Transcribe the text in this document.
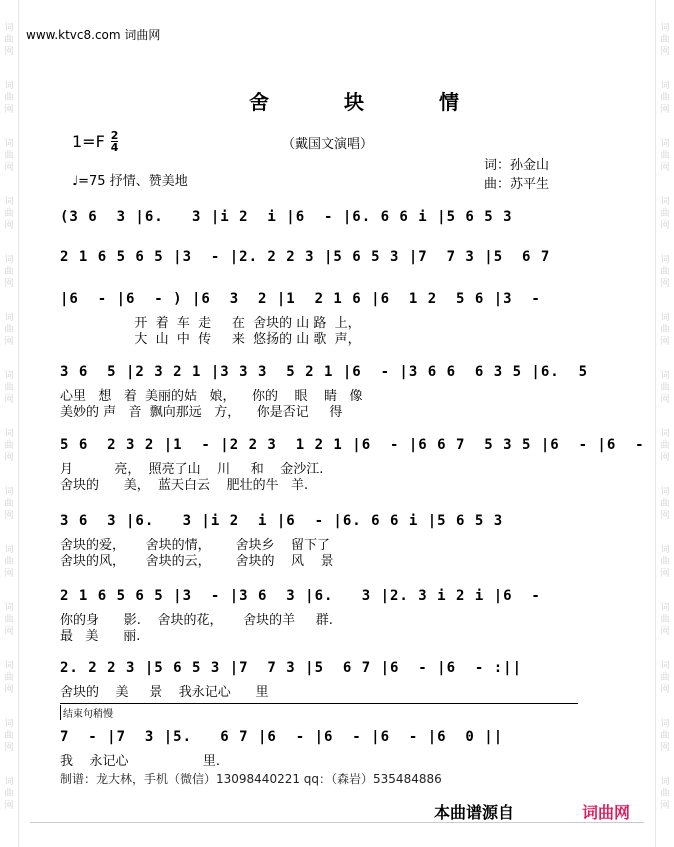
词
曲
网
词
曲
网
词
曲
网
词
曲
网
词
曲
网
词
曲
网
词
曲
网
词
曲
网
词
曲
网
词
曲
网
词
曲
网
词
曲
网
词
曲
网
词
曲
网
词
曲
网
词
曲
网
词
曲
网
词
曲
网
词
曲
网
词
曲
网
词
曲
网
词
曲
网
词
曲
网
词
曲
网
词
曲
网
词
曲
网
词
曲
网
词
曲
网
www.ktvc8.com 词曲网
舍 块 情
$1=F \frac{2}{4}$	（戴国文演唱）
词：孙金山
曲：苏平生
♩=75 抒情、赞美地
(3 6  3 |6.   3 |i 2  i |6  - |6. 6 6 i |5 6 5 3
2 1 6 5 6 5 |3  - |2. 2 2 3 |5 6 5 3 |7  7 3 |5  6 7
|6  - |6  - ) |6  3  2 |1  2 1 6 |6  1 2  5 6 |3  -
开  着  车  走     在  舍块的 山 路  上，
大  山  中  传     来  悠扬的 山 歌  声，
3 6  5 |2 3 2 1 |3 3 3  5 2 1 |6  - |3 6 6  6 3 5 |6.  5
心里   想   着  美丽的姑   娘，    你的    眼    睛   像
美妙的 声   音  飘向那远   方，    你是否记     得
5 6  2 3 2 |1  - |2 2 3  1 2 1 |6  - |6 6 7  5 3 5 |6  - |6  -
月          亮，  照亮了山    川     和    金沙江.
舍块的      美，  蓝天白云    肥壮的牛   羊.
3 6  3 |6.   3 |i 2  i |6  - |6. 6 6 i |5 6 5 3
舍块的爱，     舍块的情，      舍块乡    留下了
舍块的风，     舍块的云，      舍块的    风    景
2 1 6 5 6 5 |3  - |3 6  3 |6.   3 |2. 3 i 2 i |6  -
你的身      影.    舍块的花，     舍块的羊     群.
最   美      丽.
2. 2 2 3 |5 6 5 3 |7  7 3 |5  6 7 |6  - |6  - :||
舍块的    美     景    我永记心      里
7  - |7  3 |5.   6 7 |6  - |6  - |6  - |6  0 ||
我    永记心                  里.
结束句稍慢
制谱：龙大林，手机（微信）13098440221 qq：（森岩）535484886
本曲谱源自	词曲网
